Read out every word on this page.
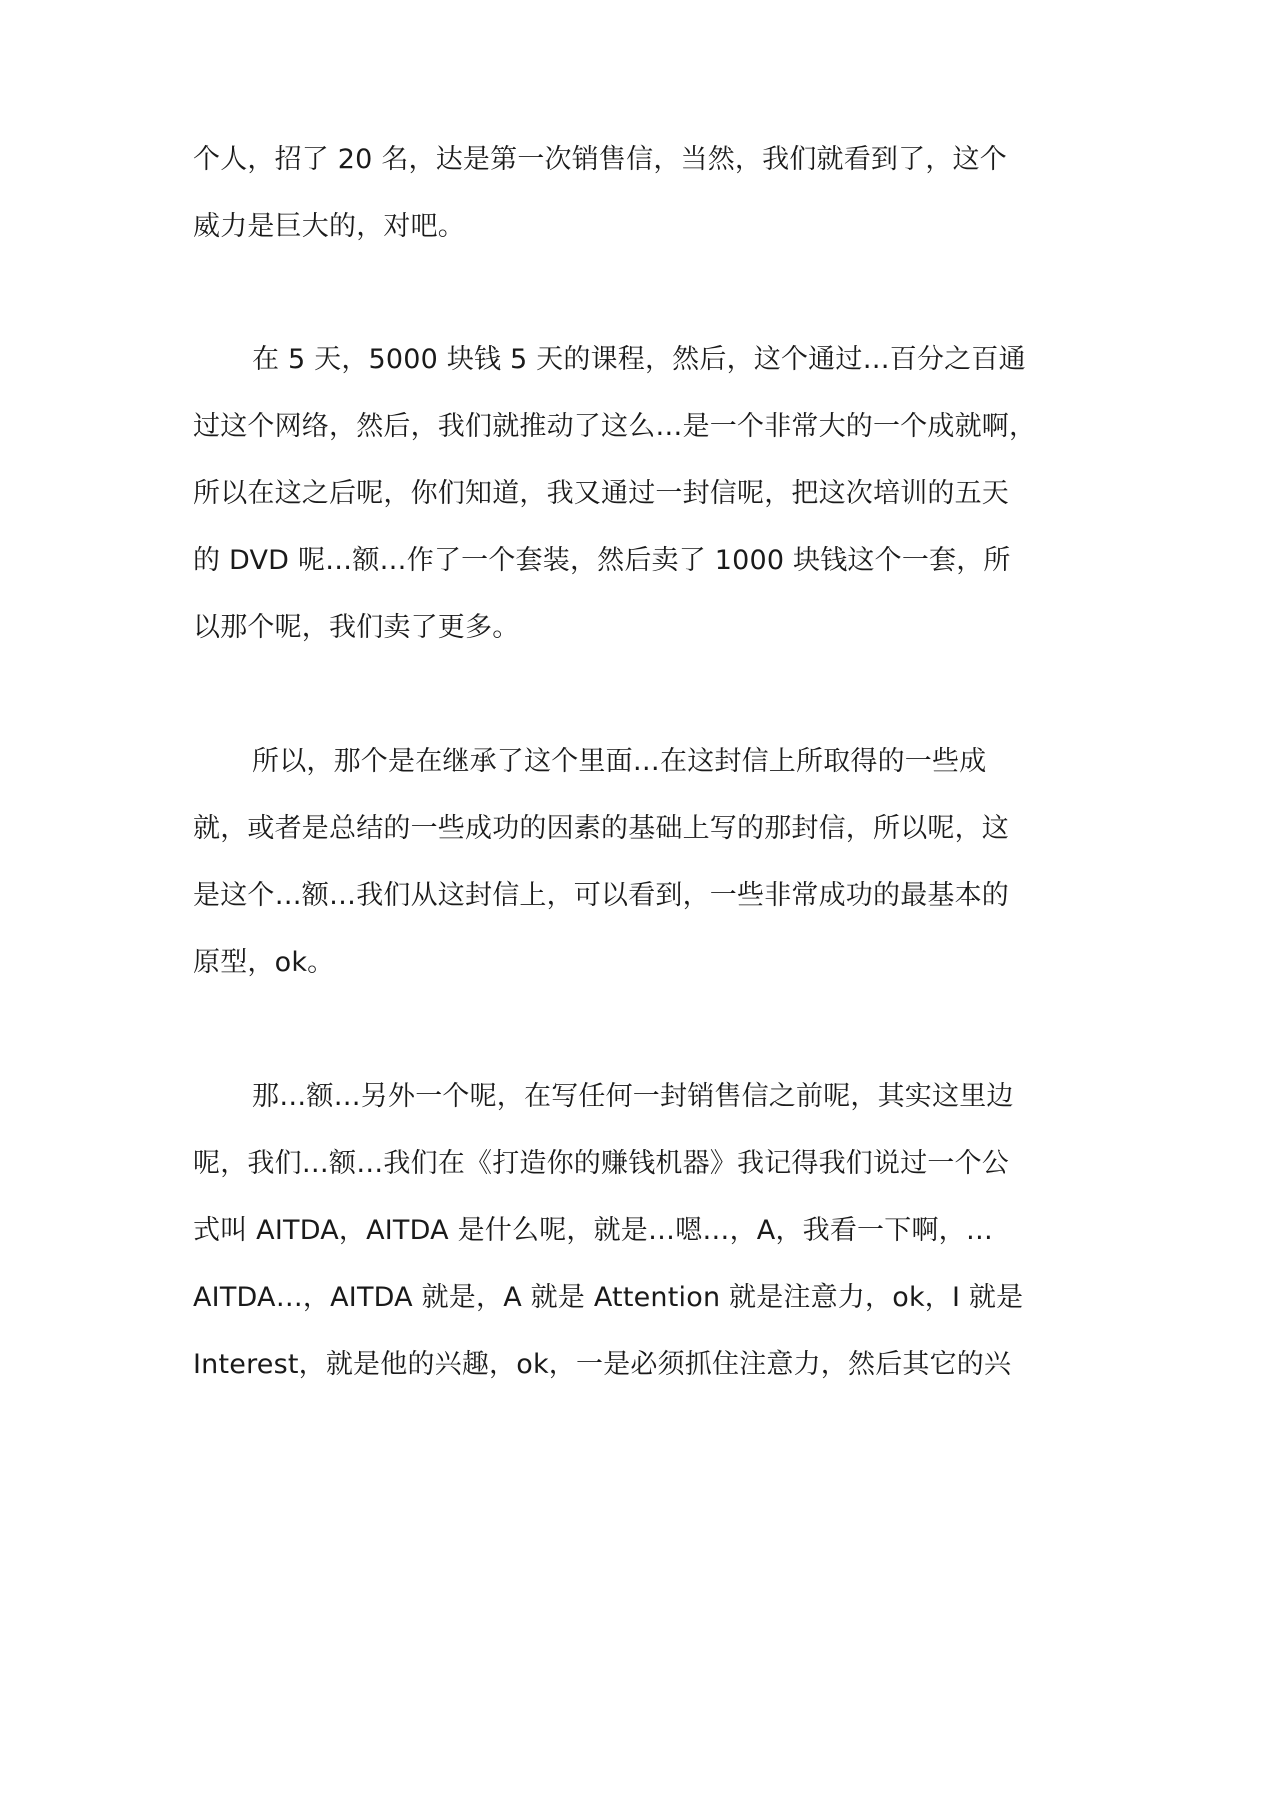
个人，招了 20 名，达是第一次销售信，当然，我们就看到了，这个
威力是巨大的，对吧。
在 5 天，5000 块钱 5 天的课程，然后，这个通过…百分之百通
过这个网络，然后，我们就推动了这么…是一个非常大的一个成就啊，
所以在这之后呢，你们知道，我又通过一封信呢，把这次培训的五天
的 DVD 呢…额…作了一个套装，然后卖了 1000 块钱这个一套，所
以那个呢，我们卖了更多。
所以，那个是在继承了这个里面…在这封信上所取得的一些成
就，或者是总结的一些成功的因素的基础上写的那封信，所以呢，这
是这个…额…我们从这封信上，可以看到，一些非常成功的最基本的
原型，ok。
那…额…另外一个呢，在写任何一封销售信之前呢，其实这里边
呢，我们…额…我们在《打造你的赚钱机器》我记得我们说过一个公
式叫 AITDA，AITDA 是什么呢，就是…嗯…，A，我看一下啊，…
AITDA…，AITDA 就是，A 就是 Attention 就是注意力，ok，I 就是
Interest，就是他的兴趣，ok，一是必须抓住注意力，然后其它的兴
